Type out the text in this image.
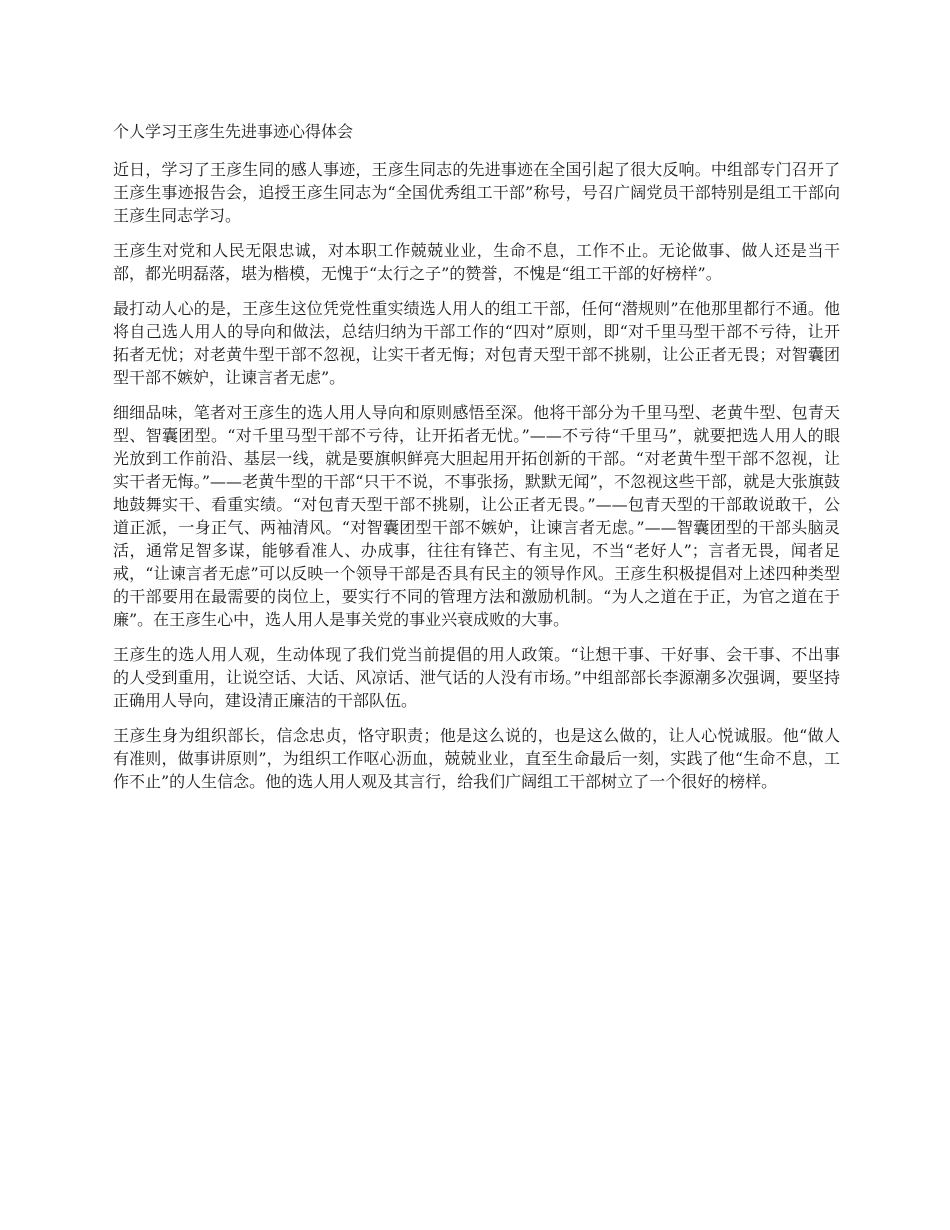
个人学习王彦生先进事迹心得体会

近日，学习了王彦生同的感人事迹，王彦生同志的先进事迹在全国引起了很大反响。中组部专门召开了王彦生事迹报告会，追授王彦生同志为“全国优秀组工干部”称号，号召广阔党员干部特别是组工干部向王彦生同志学习。

王彦生对党和人民无限忠诚，对本职工作兢兢业业，生命不息，工作不止。无论做事、做人还是当干部，都光明磊落，堪为楷模，无愧于“太行之子”的赞誉，不愧是“组工干部的好榜样”。

最打动人心的是，王彦生这位凭党性重实绩选人用人的组工干部，任何“潜规则”在他那里都行不通。他将自己选人用人的导向和做法，总结归纳为干部工作的“四对”原则，即“对千里马型干部不亏待，让开拓者无忧；对老黄牛型干部不忽视，让实干者无悔；对包青天型干部不挑剔，让公正者无畏；对智囊团型干部不嫉妒，让谏言者无虑”。

细细品味，笔者对王彦生的选人用人导向和原则感悟至深。他将干部分为千里马型、老黄牛型、包青天型、智囊团型。“对千里马型干部不亏待，让开拓者无忧。”——不亏待“千里马”，就要把选人用人的眼光放到工作前沿、基层一线，就是要旗帜鲜亮大胆起用开拓创新的干部。“对老黄牛型干部不忽视，让实干者无悔。”——老黄牛型的干部“只干不说，不事张扬，默默无闻”，不忽视这些干部，就是大张旗鼓地鼓舞实干、看重实绩。“对包青天型干部不挑剔，让公正者无畏。”——包青天型的干部敢说敢干，公道正派，一身正气、两袖清风。“对智囊团型干部不嫉妒，让谏言者无虑。”——智囊团型的干部头脑灵活，通常足智多谋，能够看准人、办成事，往往有锋芒、有主见，不当“老好人”；言者无畏，闻者足戒，“让谏言者无虑”可以反映一个领导干部是否具有民主的领导作风。王彦生积极提倡对上述四种类型的干部要用在最需要的岗位上，要实行不同的管理方法和激励机制。“为人之道在于正，为官之道在于廉”。在王彦生心中，选人用人是事关党的事业兴衰成败的大事。

王彦生的选人用人观，生动体现了我们党当前提倡的用人政策。“让想干事、干好事、会干事、不出事的人受到重用，让说空话、大话、风凉话、泄气话的人没有市场。”中组部部长李源潮多次强调，要坚持正确用人导向，建设清正廉洁的干部队伍。

王彦生身为组织部长，信念忠贞，恪守职责；他是这么说的，也是这么做的，让人心悦诚服。他“做人有准则，做事讲原则”，为组织工作呕心沥血，兢兢业业，直至生命最后一刻，实践了他“生命不息，工作不止”的人生信念。他的选人用人观及其言行，给我们广阔组工干部树立了一个很好的榜样。
